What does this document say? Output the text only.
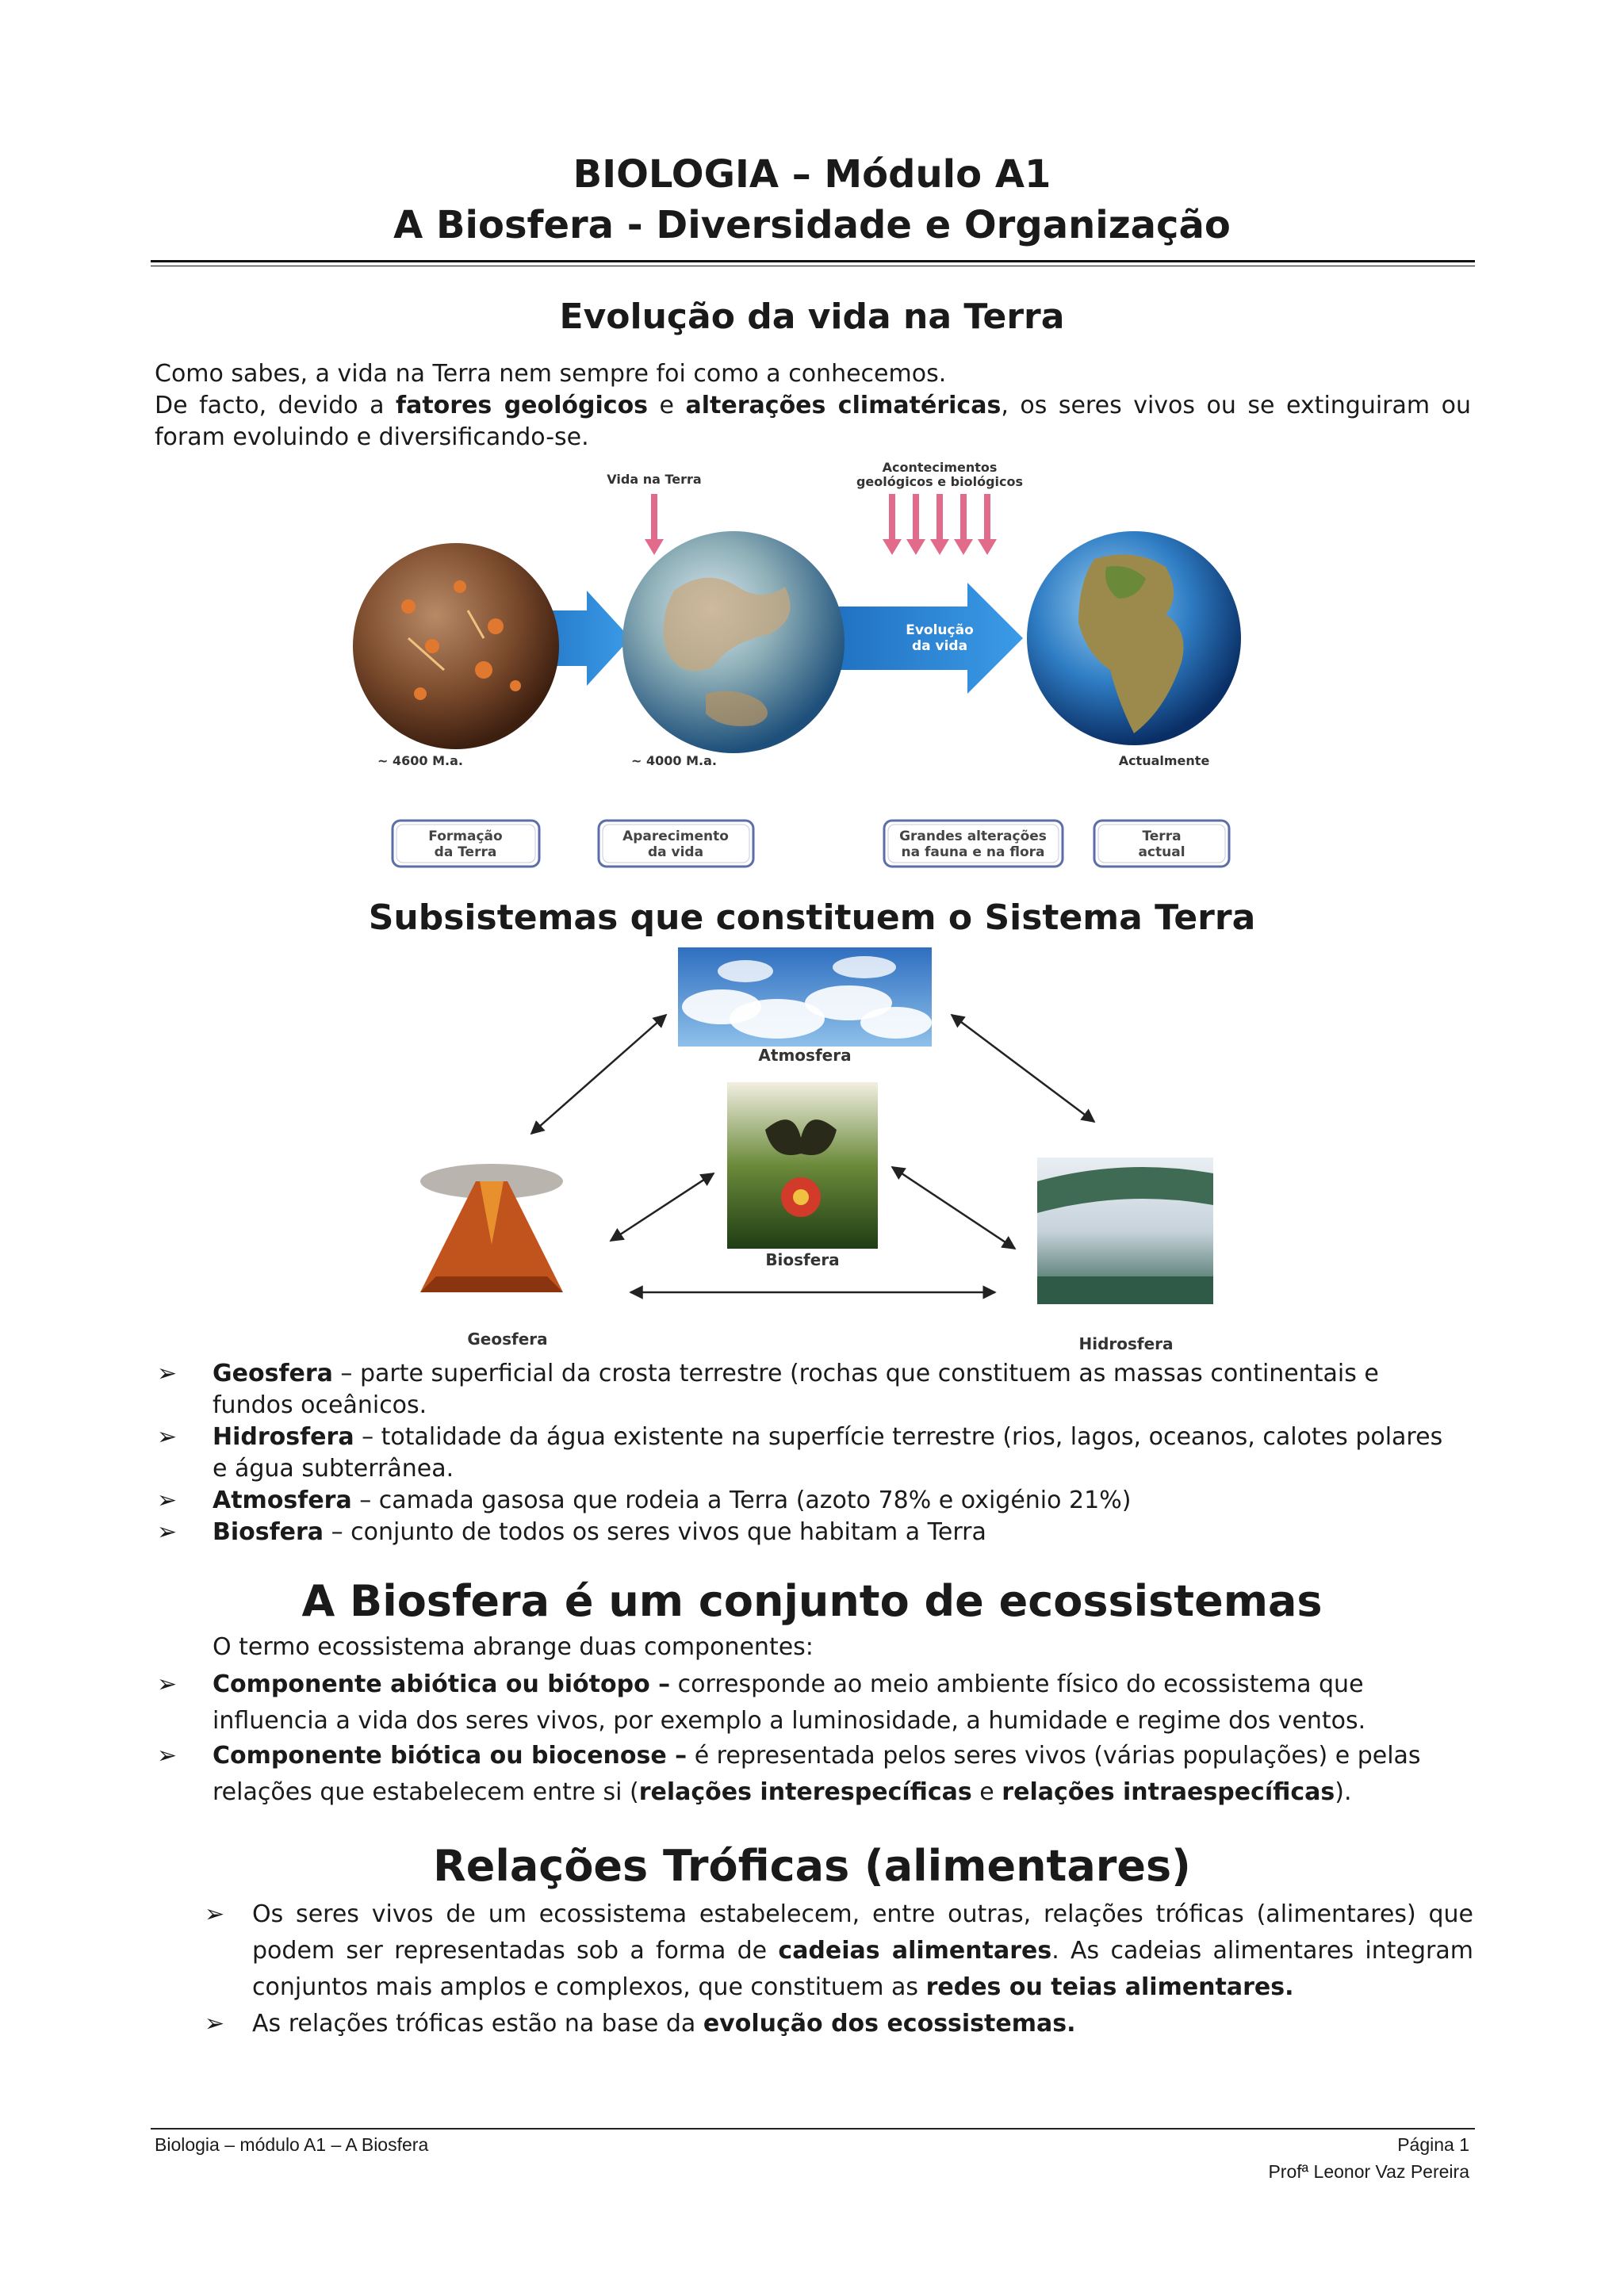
BIOLOGIA – Módulo A1
A Biosfera - Diversidade e Organização
Evolução da vida na Terra

Como sabes, a vida na Terra nem sempre foi como a conhecemos.

De facto, devido a fatores geológicos e alterações climatéricas, os seres vivos ou se extinguiram ou foram evoluindo e diversificando-se.

Vida na Terra
Acontecimentos
geológicos e biológicos
Evolução
da vida
~ 4600 M.a.	~ 4000 M.a.	Actualmente
Formação
da Terra
Aparecimento
da vida
Grandes alterações
na fauna e na flora
Terra
actual
Subsistemas que constituem o Sistema Terra
Atmosfera
Biosfera
Geosfera	Hidrosfera
➢ Geosfera – parte superficial da crosta terrestre (rochas que constituem as massas continentais e
fundos oceânicos.
➢ Hidrosfera – totalidade da água existente na superfície terrestre (rios, lagos, oceanos, calotes polares
e água subterrânea.
➢ Atmosfera – camada gasosa que rodeia a Terra (azoto 78% e oxigénio 21%)
➢ Biosfera – conjunto de todos os seres vivos que habitam a Terra
A Biosfera é um conjunto de ecossistemas

O termo ecossistema abrange duas componentes:

➢ Componente abiótica ou biótopo – corresponde ao meio ambiente físico do ecossistema que
influencia a vida dos seres vivos, por exemplo a luminosidade, a humidade e regime dos ventos.
➢ Componente biótica ou biocenose – é representada pelos seres vivos (várias populações) e pelas
relações que estabelecem entre si (relações interespecíficas e relações intraespecíficas).
Relações Tróficas (alimentares)
➢ Os seres vivos de um ecossistema estabelecem, entre outras, relações tróficas (alimentares) que
podem ser representadas sob a forma de cadeias alimentares. As cadeias alimentares integram
conjuntos mais amplos e complexos, que constituem as redes ou teias alimentares.
➢ As relações tróficas estão na base da evolução dos ecossistemas.
Biologia – módulo A1 – A Biosfera	Página 1
Profª Leonor Vaz Pereira
